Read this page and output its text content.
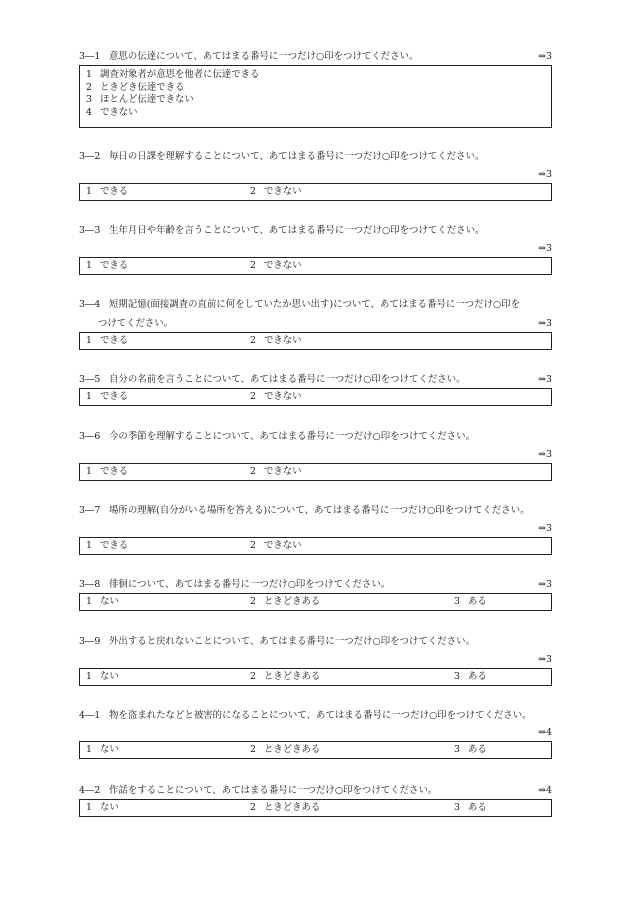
3―1 意思の伝達について、あてはまる番号に一つだけ○印をつけてください。	⇒3
1 調査対象者が意思を他者に伝達できる
2 ときどき伝達できる
3 ほとんど伝達できない
4 できない
3―2 毎日の日課を理解することについて、あてはまる番号に一つだけ○印をつけてください。
⇒3
1 できる	2 できない
3―3 生年月日や年齢を言うことについて、あてはまる番号に一つだけ○印をつけてください。
⇒3
1 できる	2 できない
3―4 短期記憶(面接調査の直前に何をしていたか思い出す)について、あてはまる番号に一つだけ○印を
つけてください。	⇒3
1 できる	2 できない
3―5 自分の名前を言うことについて、あてはまる番号に一つだけ○印をつけてください。	⇒3
1 できる	2 できない
3―6 今の季節を理解することについて、あてはまる番号に一つだけ○印をつけてください。
⇒3
1 できる	2 できない
3―7 場所の理解(自分がいる場所を答える)について、あてはまる番号に一つだけ○印をつけてください。
⇒3
1 できる	2 できない
3―8 徘徊について、あてはまる番号に一つだけ○印をつけてください。	⇒3
1 ない	2 ときどきある	3 ある
3―9 外出すると戻れないことについて、あてはまる番号に一つだけ○印をつけてください。
⇒3
1 ない	2 ときどきある	3 ある
4―1 物を盗まれたなどと被害的になることについて、あてはまる番号に一つだけ○印をつけてください。
⇒4
1 ない	2 ときどきある	3 ある
4―2 作話をすることについて、あてはまる番号に一つだけ○印をつけてください。	⇒4
1 ない	2 ときどきある	3 ある
